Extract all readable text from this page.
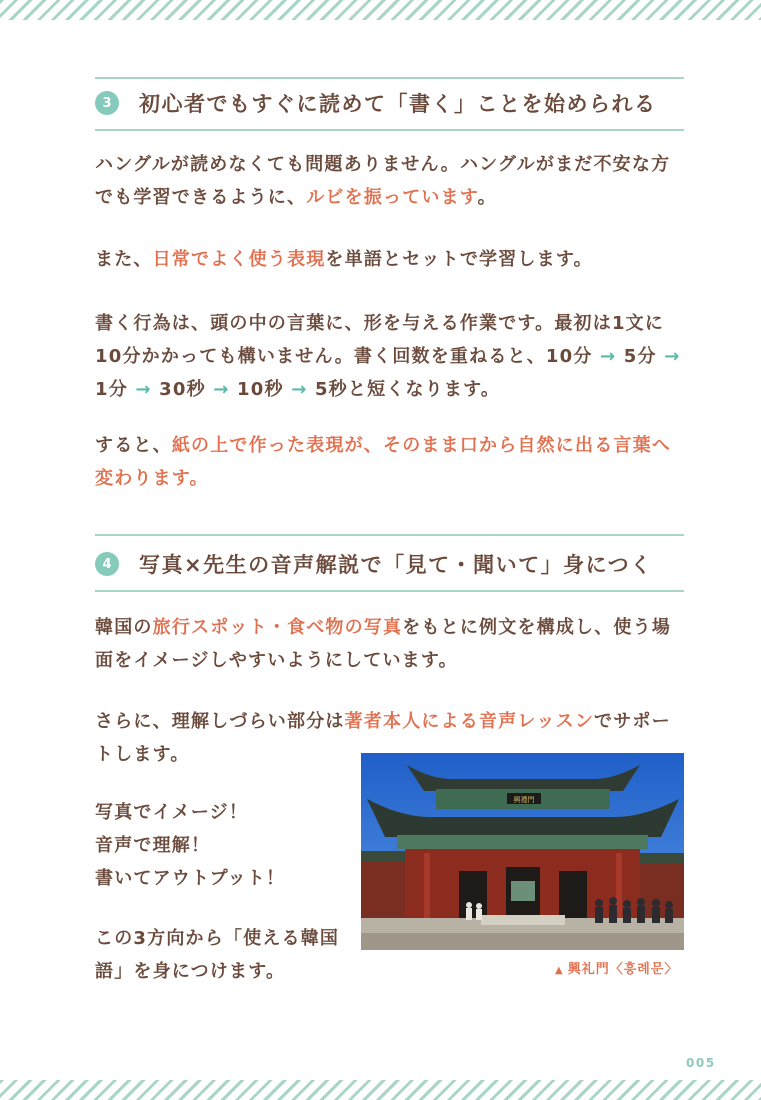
3	初心者でもすぐに読めて「書く」ことを始められる

ハングルが読めなくても問題ありません。ハングルがまだ不安な方でも学習できるように、ルビを振っています。

また、日常でよく使う表現を単語とセットで学習します。

書く行為は、頭の中の言葉に、形を与える作業です。最初は1文に10分かかっても構いません。書く回数を重ねると、10分 → 5分 → 1分 → 30秒 → 10秒 → 5秒と短くなります。

すると、紙の上で作った表現が、そのまま口から自然に出る言葉へ変わります。

4	写真×先生の音声解説で「見て・聞いて」身につく

韓国の旅行スポット・食べ物の写真をもとに例文を構成し、使う場面をイメージしやすいようにしています。

さらに、理解しづらい部分は著者本人による音声レッスンでサポートします。

写真でイメージ！
音声で理解！
書いてアウトプット！

この3方向から「使える韓国語」を身につけます。

興禮門
▲ 興礼門〈흥례문〉
005
